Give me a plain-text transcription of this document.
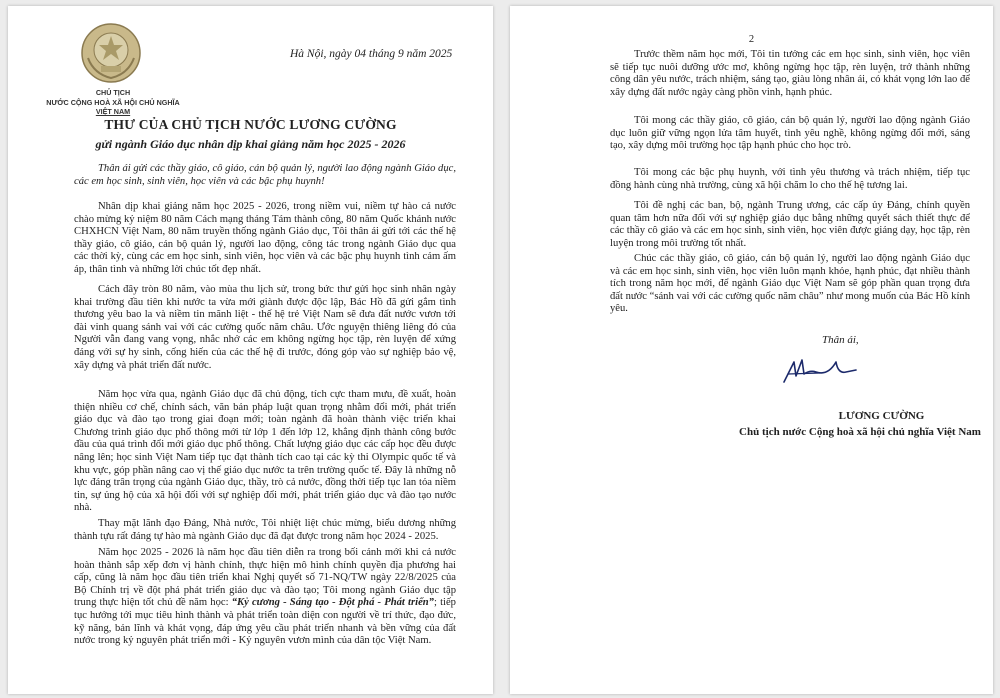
CHỦ TỊCH
NƯỚC CỘNG HOÀ XÃ HỘI CHỦ NGHĨA
VIỆT NAM
Hà Nội, ngày 04 tháng 9 năm 2025
THƯ CỦA CHỦ TỊCH NƯỚC LƯƠNG CƯỜNG
gửi ngành Giáo dục nhân dịp khai giảng năm học 2025 - 2026
Thân ái gửi các thầy giáo, cô giáo, cán bộ quản lý, người lao động ngành Giáo dục, các em học sinh, sinh viên, học viên và các bậc phụ huynh!
Nhân dịp khai giảng năm học 2025 - 2026, trong niềm vui, niềm tự hào cả nước chào mừng kỷ niệm 80 năm Cách mạng tháng Tám thành công, 80 năm Quốc khánh nước CHXHCN Việt Nam, 80 năm truyền thống ngành Giáo dục, Tôi thân ái gửi tới các thế hệ thầy giáo, cô giáo, cán bộ quản lý, người lao động, công tác trong ngành Giáo dục qua các thời kỳ, cùng các em học sinh, sinh viên, học viên và các bậc phụ huynh tình cảm ấm áp, thân tình và những lời chúc tốt đẹp nhất.
Cách đây tròn 80 năm, vào mùa thu lịch sử, trong bức thư gửi học sinh nhân ngày khai trường đầu tiên khi nước ta vừa mới giành được độc lập, Bác Hồ đã gửi gắm tình thương yêu bao la và niềm tin mãnh liệt - thế hệ trẻ Việt Nam sẽ đưa đất nước vươn tới đài vinh quang sánh vai với các cường quốc năm châu. Ước nguyện thiêng liêng đó của Người vẫn đang vang vọng, nhắc nhở các em không ngừng học tập, rèn luyện để xứng đáng với sự hy sinh, cống hiến của các thế hệ đi trước, đóng góp vào sự nghiệp bảo vệ, xây dựng và phát triển đất nước.
Năm học vừa qua, ngành Giáo dục đã chủ động, tích cực tham mưu, đề xuất, hoàn thiện nhiều cơ chế, chính sách, văn bản pháp luật quan trọng nhằm đổi mới, phát triển giáo dục và đào tạo trong giai đoạn mới; toàn ngành đã hoàn thành việc triển khai Chương trình giáo dục phổ thông mới từ lớp 1 đến lớp 12, khẳng định thành công bước đầu của quá trình đổi mới giáo dục phổ thông. Chất lượng giáo dục các cấp học đều được nâng lên; học sinh Việt Nam tiếp tục đạt thành tích cao tại các kỳ thi Olympic quốc tế và khu vực, góp phần nâng cao vị thế giáo dục nước ta trên trường quốc tế. Đây là những nỗ lực đáng trân trọng của ngành Giáo dục, thầy, trò cả nước, đồng thời tiếp tục lan tỏa niềm tin, sự ủng hộ của xã hội đối với sự nghiệp đổi mới, phát triển giáo dục và đào tạo nước nhà.
Thay mặt lãnh đạo Đảng, Nhà nước, Tôi nhiệt liệt chúc mừng, biểu dương những thành tựu rất đáng tự hào mà ngành Giáo dục đã đạt được trong năm học 2024 - 2025.
Năm học 2025 - 2026 là năm học đầu tiên diễn ra trong bối cảnh mới khi cả nước hoàn thành sắp xếp đơn vị hành chính, thực hiện mô hình chính quyền địa phương hai cấp, cũng là năm học đầu tiên triển khai Nghị quyết số 71-NQ/TW ngày 22/8/2025 của Bộ Chính trị về đột phá phát triển giáo dục và đào tạo; Tôi mong ngành Giáo dục tập trung thực hiện tốt chủ đề năm học: “Kỷ cương - Sáng tạo - Đột phá - Phát triển”; tiếp tục hướng tới mục tiêu hình thành và phát triển toàn diện con người về trí thức, đạo đức, kỹ năng, bản lĩnh và khát vọng, đáp ứng yêu cầu phát triển nhanh và bền vững của đất nước trong kỷ nguyên phát triển mới - Kỷ nguyên vươn mình của dân tộc Việt Nam.
2
Trước thềm năm học mới, Tôi tin tưởng các em học sinh, sinh viên, học viên sẽ tiếp tục nuôi dưỡng ước mơ, không ngừng học tập, rèn luyện, trở thành những công dân yêu nước, trách nhiệm, sáng tạo, giàu lòng nhân ái, có khát vọng lớn lao để xây dựng đất nước ngày càng phồn vinh, hạnh phúc.
Tôi mong các thầy giáo, cô giáo, cán bộ quản lý, người lao động ngành Giáo dục luôn giữ vững ngọn lửa tâm huyết, tình yêu nghề, không ngừng đổi mới, sáng tạo, xây dựng môi trường học tập hạnh phúc cho học trò.
Tôi mong các bậc phụ huynh, với tình yêu thương và trách nhiệm, tiếp tục đồng hành cùng nhà trường, cùng xã hội chăm lo cho thế hệ tương lai.
Tôi đề nghị các ban, bộ, ngành Trung ương, các cấp ủy Đảng, chính quyền quan tâm hơn nữa đối với sự nghiệp giáo dục bằng những quyết sách thiết thực để các thầy cô giáo và các em học sinh, sinh viên, học viên được giảng dạy, học tập, rèn luyện trong môi trường tốt nhất.
Chúc các thầy giáo, cô giáo, cán bộ quản lý, người lao động ngành Giáo dục và các em học sinh, sinh viên, học viên luôn mạnh khỏe, hạnh phúc, đạt nhiều thành tích trong năm học mới, để ngành Giáo dục Việt Nam sẽ góp phần quan trọng đưa đất nước “sánh vai với các cường quốc năm châu” như mong muốn của Bác Hồ kính yêu.
Thân ái,
LƯƠNG CƯỜNG
Chủ tịch nước Cộng hoà xã hội chủ nghĩa Việt Nam
